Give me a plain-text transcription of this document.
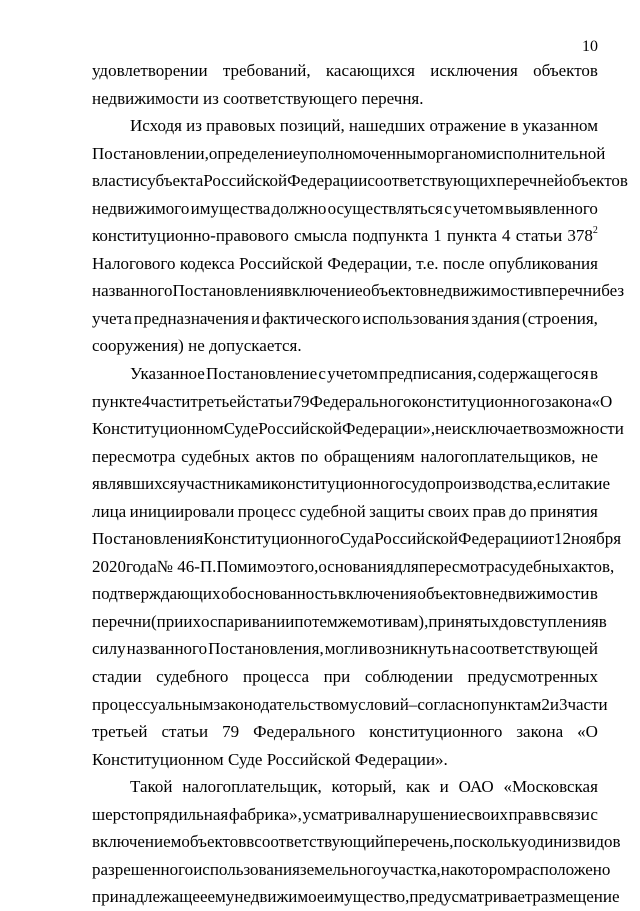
10
удовлетворении требований, касающихся исключения объектов
недвижимости из соответствующего перечня.
Исходя из правовых позиций, нашедших отражение в указанном
Постановлении, определение уполномоченным органом исполнительной
власти субъекта Российской Федерации соответствующих перечней объектов
недвижимого имущества должно осуществляться с учетом выявленного
конституционно-правового смысла подпункта 1 пункта 4 статьи $378^2$
Налогового кодекса Российской Федерации, т.е. после опубликования
названного Постановления включение объектов недвижимости в перечни без
учета предназначения и фактического использования здания (строения,
сооружения) не допускается.
Указанное Постановление с учетом предписания, содержащегося в
пункте 4 части третьей статьи 79 Федерального конституционного закона «О
Конституционном Суде Российской Федерации», не исключает возможности
пересмотра судебных актов по обращениям налогоплательщиков, не
являвшихся участниками конституционного судопроизводства, если такие
лица инициировали процесс судебной защиты своих прав до принятия
Постановления Конституционного Суда Российской Федерации от 12 ноября
2020 года № 46-П. Помимо этого, основания для пересмотра судебных актов,
подтверждающих обоснованность включения объектов недвижимости в
перечни (при их оспаривании по тем же мотивам), принятых до вступления в
силу названного Постановления, могли возникнуть на соответствующей
стадии судебного процесса при соблюдении предусмотренных
процессуальным законодательством условий – согласно пунктам 2 и 3 части
третьей статьи 79 Федерального конституционного закона «О
Конституционном Суде Российской Федерации».
Такой налогоплательщик, который, как и ОАО «Московская
шерстопрядильная фабрика», усматривал нарушение своих прав в связи с
включением объектов в соответствующий перечень, поскольку один из видов
разрешенного использования земельного участка, на котором расположено
принадлежащее ему недвижимое имущество, предусматривает размещение
